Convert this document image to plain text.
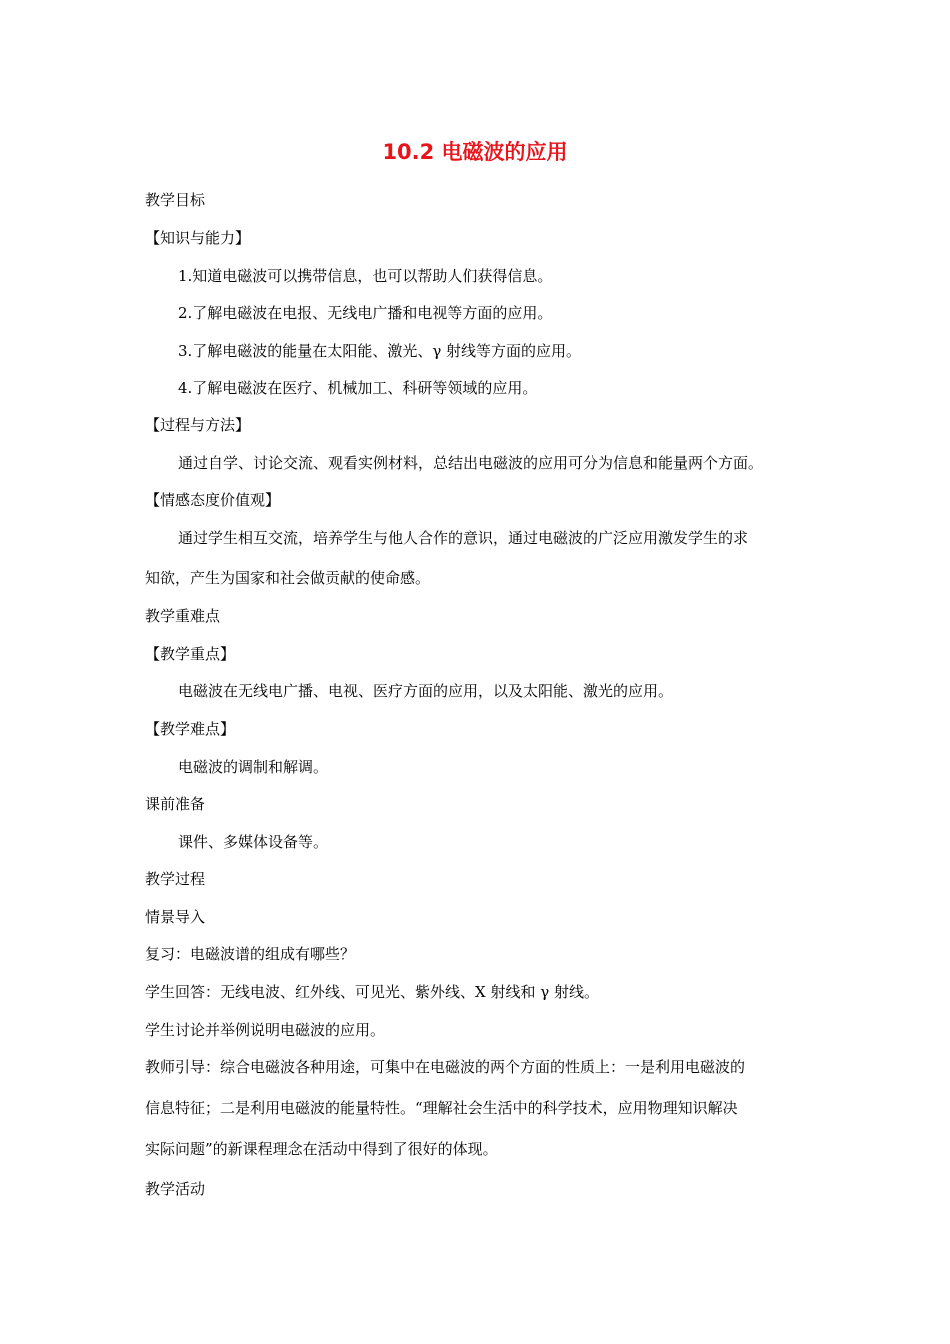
10.2 电磁波的应用
教学目标
【知识与能力】
1.知道电磁波可以携带信息，也可以帮助人们获得信息。
2.了解电磁波在电报、无线电广播和电视等方面的应用。
3.了解电磁波的能量在太阳能、激光、γ 射线等方面的应用。
4.了解电磁波在医疗、机械加工、科研等领域的应用。
【过程与方法】
通过自学、讨论交流、观看实例材料，总结出电磁波的应用可分为信息和能量两个方面。
【情感态度价值观】
通过学生相互交流，培养学生与他人合作的意识，通过电磁波的广泛应用激发学生的求
知欲，产生为国家和社会做贡献的使命感。
教学重难点
【教学重点】
电磁波在无线电广播、电视、医疗方面的应用，以及太阳能、激光的应用。
【教学难点】
电磁波的调制和解调。
课前准备
课件、多媒体设备等。
教学过程
情景导入
复习：电磁波谱的组成有哪些？
学生回答：无线电波、红外线、可见光、紫外线、X 射线和 γ 射线。
学生讨论并举例说明电磁波的应用。
教师引导：综合电磁波各种用途，可集中在电磁波的两个方面的性质上：一是利用电磁波的
信息特征；二是利用电磁波的能量特性。“理解社会生活中的科学技术，应用物理知识解决
实际问题”的新课程理念在活动中得到了很好的体现。
教学活动
